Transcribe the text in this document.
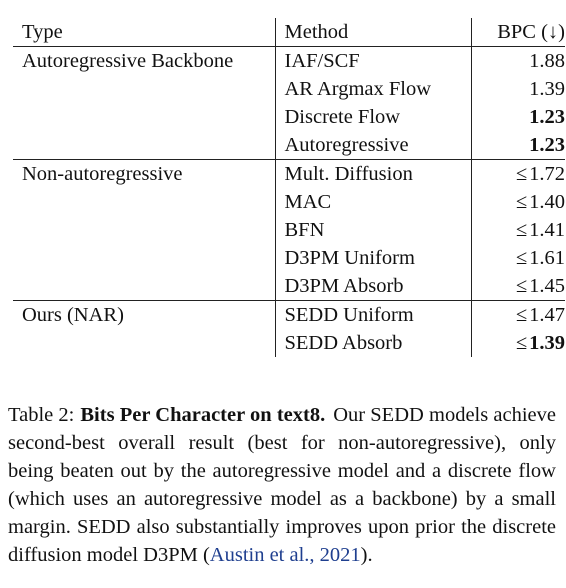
Type	Method	BPC (↓)
Autoregressive Backbone	IAF/SCF	1.88
	AR Argmax Flow	1.39
	Discrete Flow	1.23
	Autoregressive	1.23
Non-autoregressive	Mult. Diffusion	≤1.72
	MAC	≤1.40
	BFN	≤1.41
	D3PM Uniform	≤1.61
	D3PM Absorb	≤1.45
Ours (NAR)	SEDD Uniform	≤1.47
	SEDD Absorb	≤1.39

Table 2: Bits Per Character on text8. Our SEDD models achieve second-best overall result (best for non-autoregressive), only being beaten out by the autoregressive model and a discrete flow (which uses an autoregressive model as a backbone) by a small margin. SEDD also substantially improves upon prior the discrete diffusion model D3PM (Austin et al., 2021).
